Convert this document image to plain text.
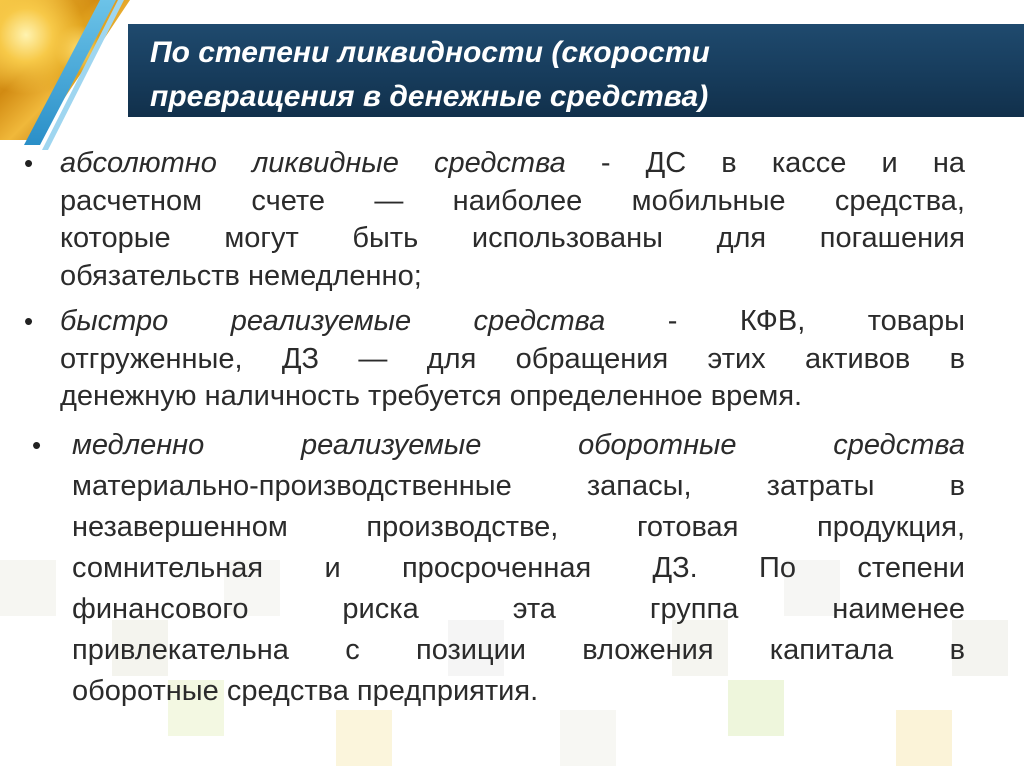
По степени ликвидности (скорости
превращения в денежные средства)
• абсолютно ликвидные средства - ДС в кассе и на
расчетном счете — наиболее мобильные средства,
которые могут быть использованы для погашения
обязательств немедленно;
• быстро реализуемые средства - КФВ, товары
отгруженные, ДЗ — для обращения этих активов в
денежную наличность требуется определенное время.
• медленно реализуемые оборотные средства
материально-производственные запасы, затраты в
незавершенном производстве, готовая продукция,
сомнительная и просроченная ДЗ. По степени
финансового риска эта группа наименее
привлекательна с позиции вложения капитала в
оборотные средства предприятия.
